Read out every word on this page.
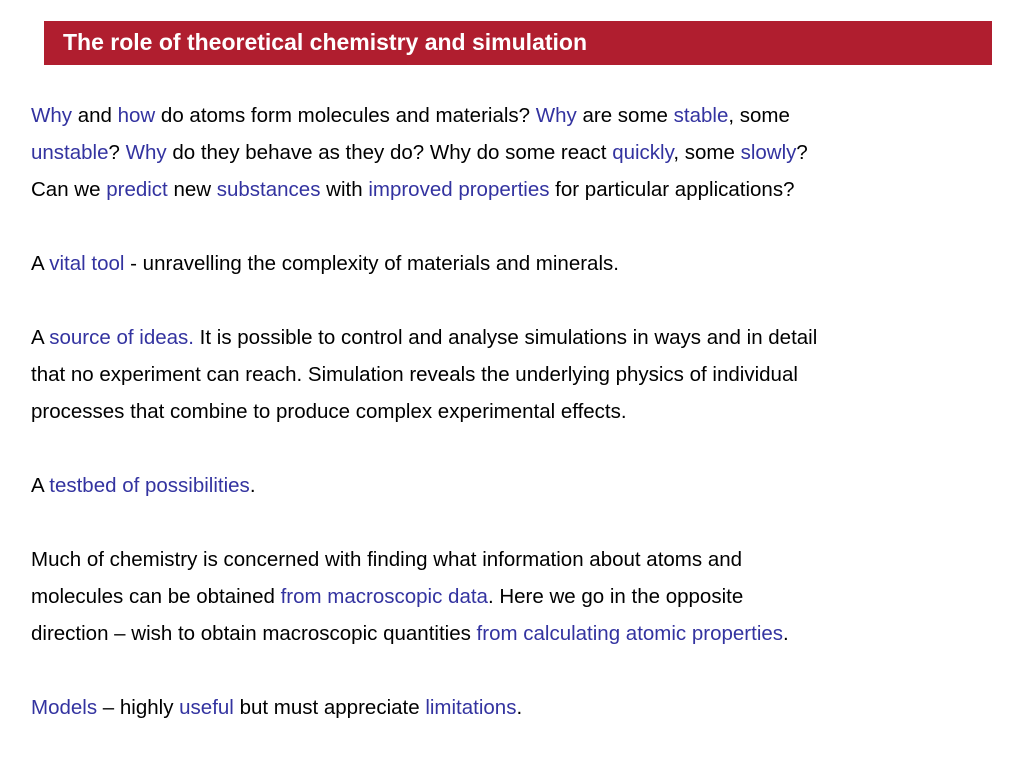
The role of theoretical chemistry and simulation
Why and how do atoms form molecules and materials? Why are some stable, some
unstable? Why do they behave as they do? Why do some react quickly, some slowly?
Can we predict new substances with improved properties for particular applications?
A vital tool - unravelling the complexity of materials and minerals.
A source of ideas. It is possible to control and analyse simulations in ways and in detail
that no experiment can reach. Simulation reveals the underlying physics of individual
processes that combine to produce complex experimental effects.
A testbed of possibilities.
Much of chemistry is concerned with finding what information about atoms and
molecules can be obtained from macroscopic data. Here we go in the opposite
direction – wish to obtain macroscopic quantities from calculating atomic properties.
Models – highly useful but must appreciate limitations.
